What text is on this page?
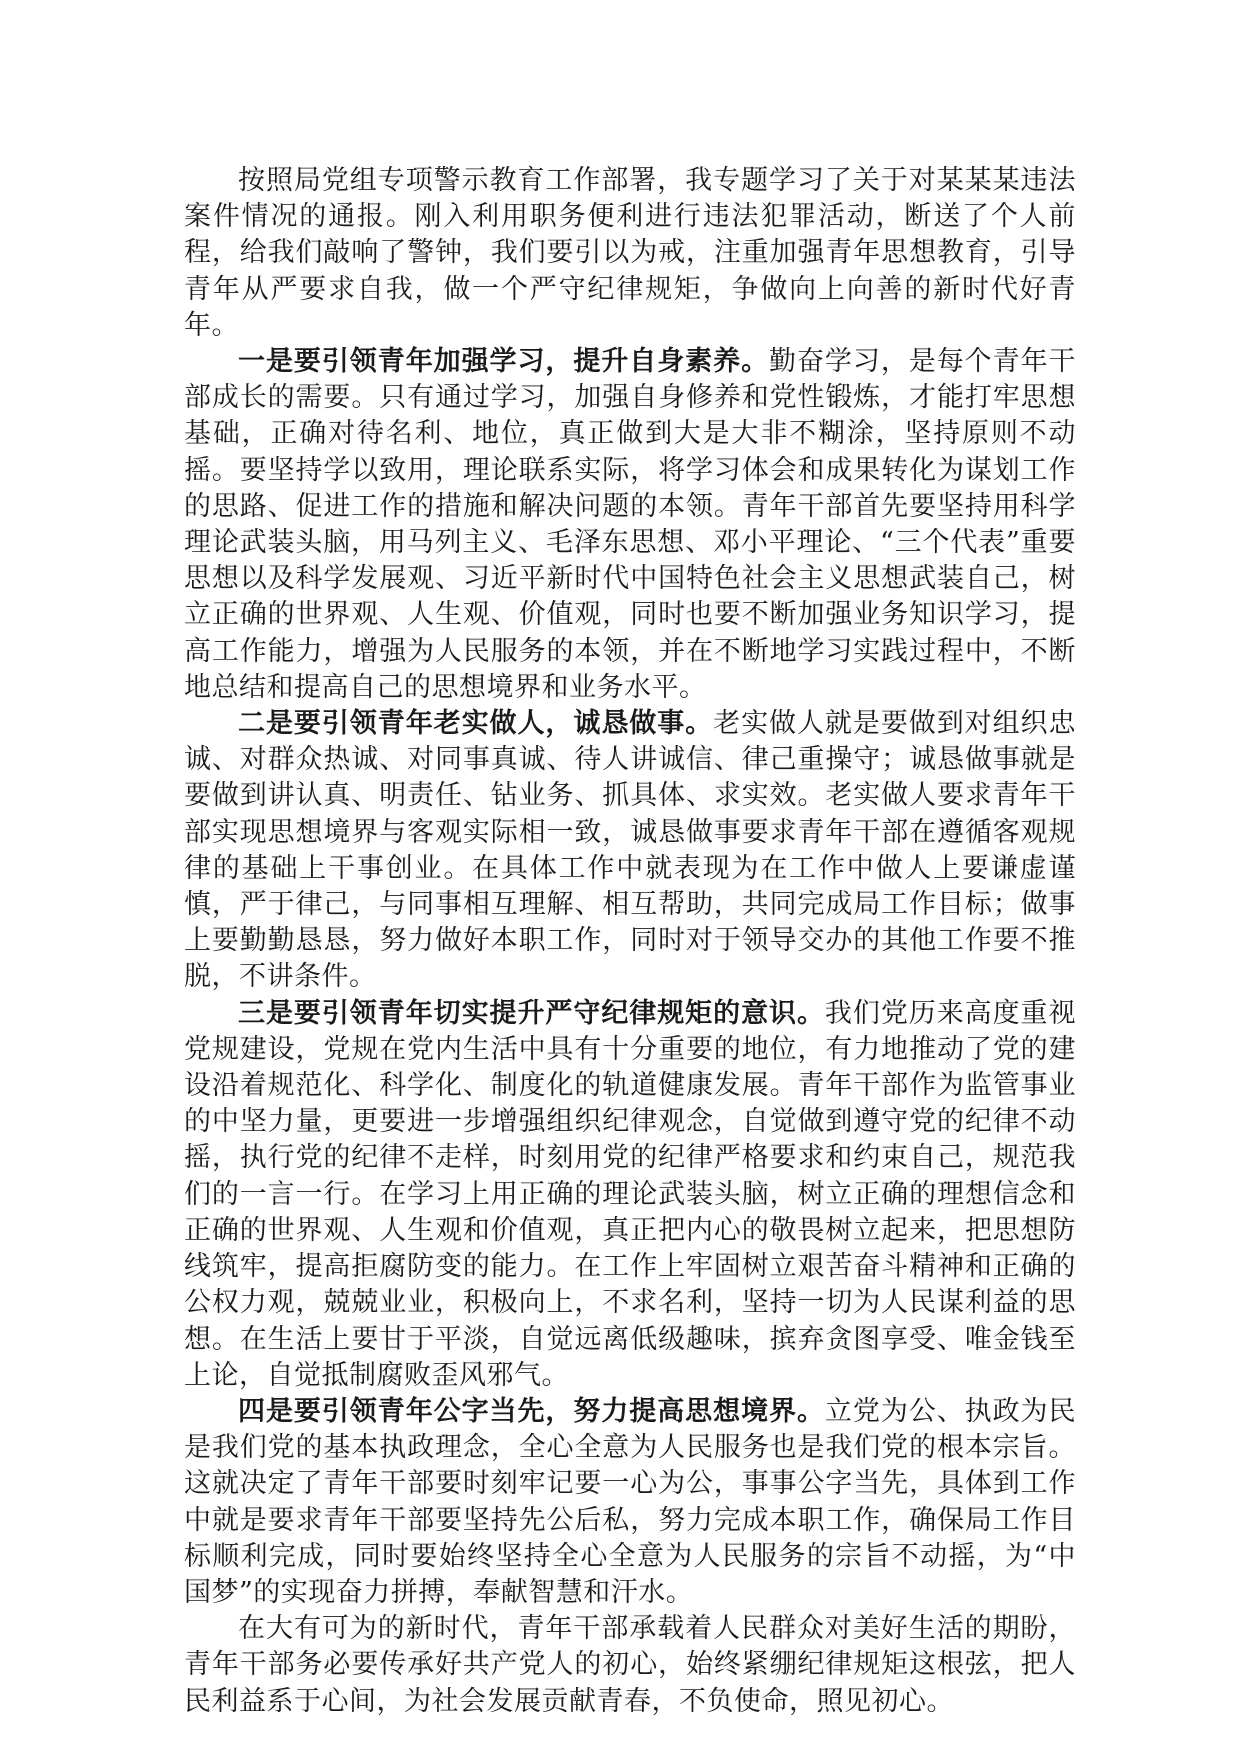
按照局党组专项警示教育工作部署，我专题学习了关于对某某某违法案件情况的通报。刚入利用职务便利进行违法犯罪活动，断送了个人前程，给我们敲响了警钟，我们要引以为戒，注重加强青年思想教育，引导青年从严要求自我，做一个严守纪律规矩，争做向上向善的新时代好青年。

一是要引领青年加强学习，提升自身素养。勤奋学习，是每个青年干部成长的需要。只有通过学习，加强自身修养和党性锻炼，才能打牢思想基础，正确对待名利、地位，真正做到大是大非不糊涂，坚持原则不动摇。要坚持学以致用，理论联系实际，将学习体会和成果转化为谋划工作的思路、促进工作的措施和解决问题的本领。青年干部首先要坚持用科学理论武装头脑，用马列主义、毛泽东思想、邓小平理论、“三个代表”重要思想以及科学发展观、习近平新时代中国特色社会主义思想武装自己，树立正确的世界观、人生观、价值观，同时也要不断加强业务知识学习，提高工作能力，增强为人民服务的本领，并在不断地学习实践过程中，不断地总结和提高自己的思想境界和业务水平。

二是要引领青年老实做人，诚恳做事。老实做人就是要做到对组织忠诚、对群众热诚、对同事真诚、待人讲诚信、律己重操守；诚恳做事就是要做到讲认真、明责任、钻业务、抓具体、求实效。老实做人要求青年干部实现思想境界与客观实际相一致，诚恳做事要求青年干部在遵循客观规律的基础上干事创业。在具体工作中就表现为在工作中做人上要谦虚谨慎，严于律己，与同事相互理解、相互帮助，共同完成局工作目标；做事上要勤勤恳恳，努力做好本职工作，同时对于领导交办的其他工作要不推脱，不讲条件。

三是要引领青年切实提升严守纪律规矩的意识。我们党历来高度重视党规建设，党规在党内生活中具有十分重要的地位，有力地推动了党的建设沿着规范化、科学化、制度化的轨道健康发展。青年干部作为监管事业的中坚力量，更要进一步增强组织纪律观念，自觉做到遵守党的纪律不动摇，执行党的纪律不走样，时刻用党的纪律严格要求和约束自己，规范我们的一言一行。在学习上用正确的理论武装头脑，树立正确的理想信念和正确的世界观、人生观和价值观，真正把内心的敬畏树立起来，把思想防线筑牢，提高拒腐防变的能力。在工作上牢固树立艰苦奋斗精神和正确的公权力观，兢兢业业，积极向上，不求名利，坚持一切为人民谋利益的思想。在生活上要甘于平淡，自觉远离低级趣味，摈弃贪图享受、唯金钱至上论，自觉抵制腐败歪风邪气。

四是要引领青年公字当先，努力提高思想境界。立党为公、执政为民是我们党的基本执政理念，全心全意为人民服务也是我们党的根本宗旨。这就决定了青年干部要时刻牢记要一心为公，事事公字当先，具体到工作中就是要求青年干部要坚持先公后私，努力完成本职工作，确保局工作目标顺利完成，同时要始终坚持全心全意为人民服务的宗旨不动摇，为“中国梦”的实现奋力拼搏，奉献智慧和汗水。

在大有可为的新时代，青年干部承载着人民群众对美好生活的期盼，青年干部务必要传承好共产党人的初心，始终紧绷纪律规矩这根弦，把人民利益系于心间，为社会发展贡献青春，不负使命，照见初心。
